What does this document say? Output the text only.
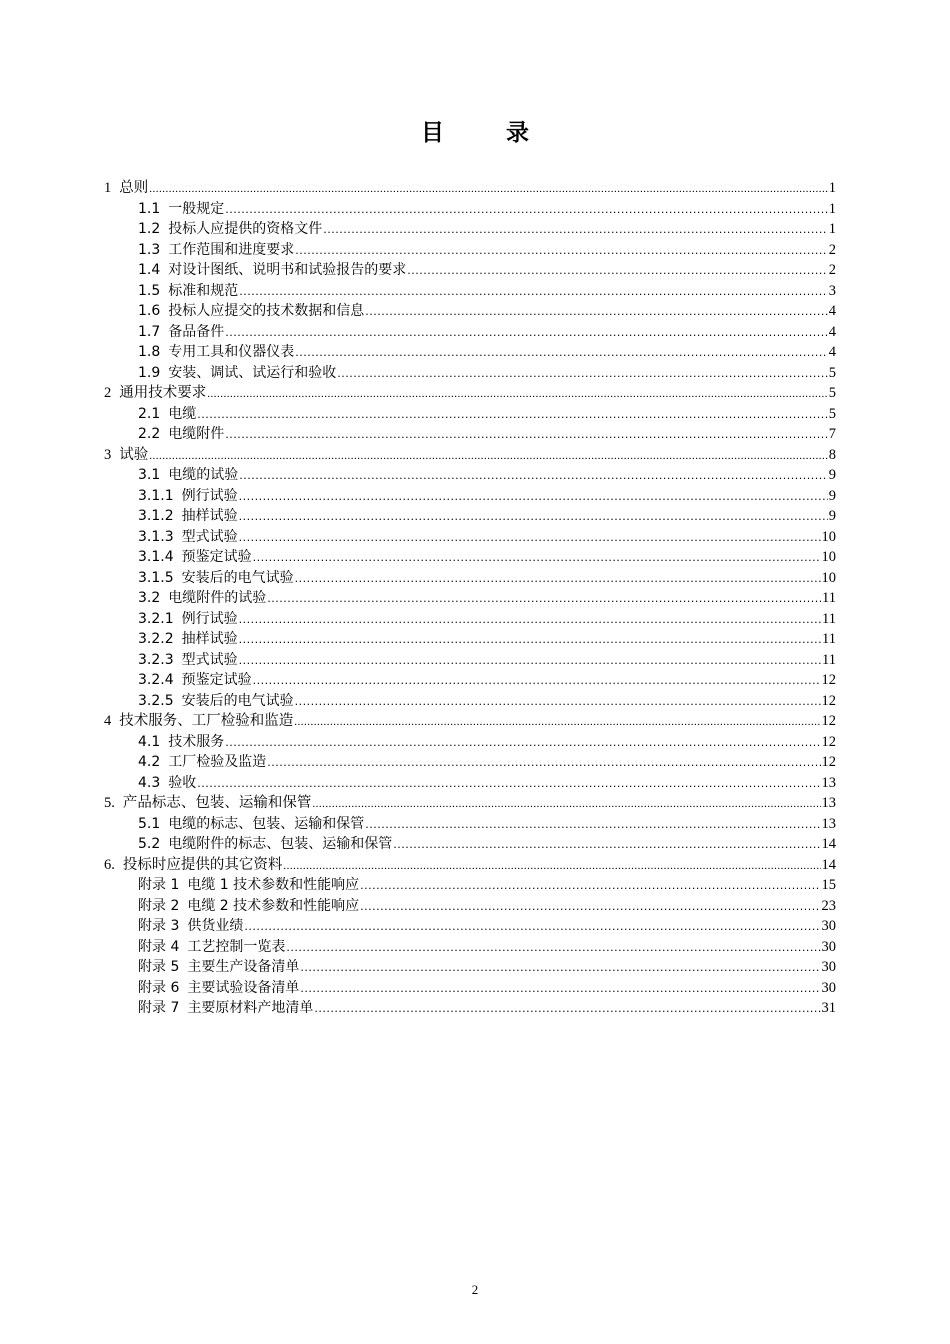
目	录
1 总则 .....	1
1.1 一般规定 .....	1
1.2 投标人应提供的资格文件 .....	1
1.3 工作范围和进度要求 .....	2
1.4 对设计图纸、说明书和试验报告的要求 .....	2
1.5 标准和规范 .....	3
1.6 投标人应提交的技术数据和信息 .....	4
1.7 备品备件 .....	4
1.8 专用工具和仪器仪表 .....	4
1.9 安装、调试、试运行和验收 .....	5
2 通用技术要求 .....	5
2.1 电缆 .....	5
2.2 电缆附件 .....	7
3 试验 .....	8
3.1 电缆的试验 .....	9
3.1.1 例行试验 .....	9
3.1.2 抽样试验 .....	9
3.1.3 型式试验 .....	10
3.1.4 预鉴定试验 .....	10
3.1.5 安装后的电气试验 .....	10
3.2 电缆附件的试验 .....	11
3.2.1 例行试验 .....	11
3.2.2 抽样试验 .....	11
3.2.3 型式试验 .....	11
3.2.4 预鉴定试验 .....	12
3.2.5 安装后的电气试验 .....	12
4 技术服务、工厂检验和监造 .....	12
4.1 技术服务 .....	12
4.2 工厂检验及监造 .....	12
4.3 验收 .....	13
5. 产品标志、包装、运输和保管 .....	13
5.1 电缆的标志、包装、运输和保管 .....	13
5.2 电缆附件的标志、包装、运输和保管 .....	14
6. 投标时应提供的其它资料 .....	14
附录 1 电缆 1 技术参数和性能响应 .....	15
附录 2 电缆 2 技术参数和性能响应 .....	23
附录 3 供货业绩 .....	30
附录 4 工艺控制一览表 .....	30
附录 5 主要生产设备清单 .....	30
附录 6 主要试验设备清单 .....	30
附录 7 主要原材料产地清单 .....	31
2
